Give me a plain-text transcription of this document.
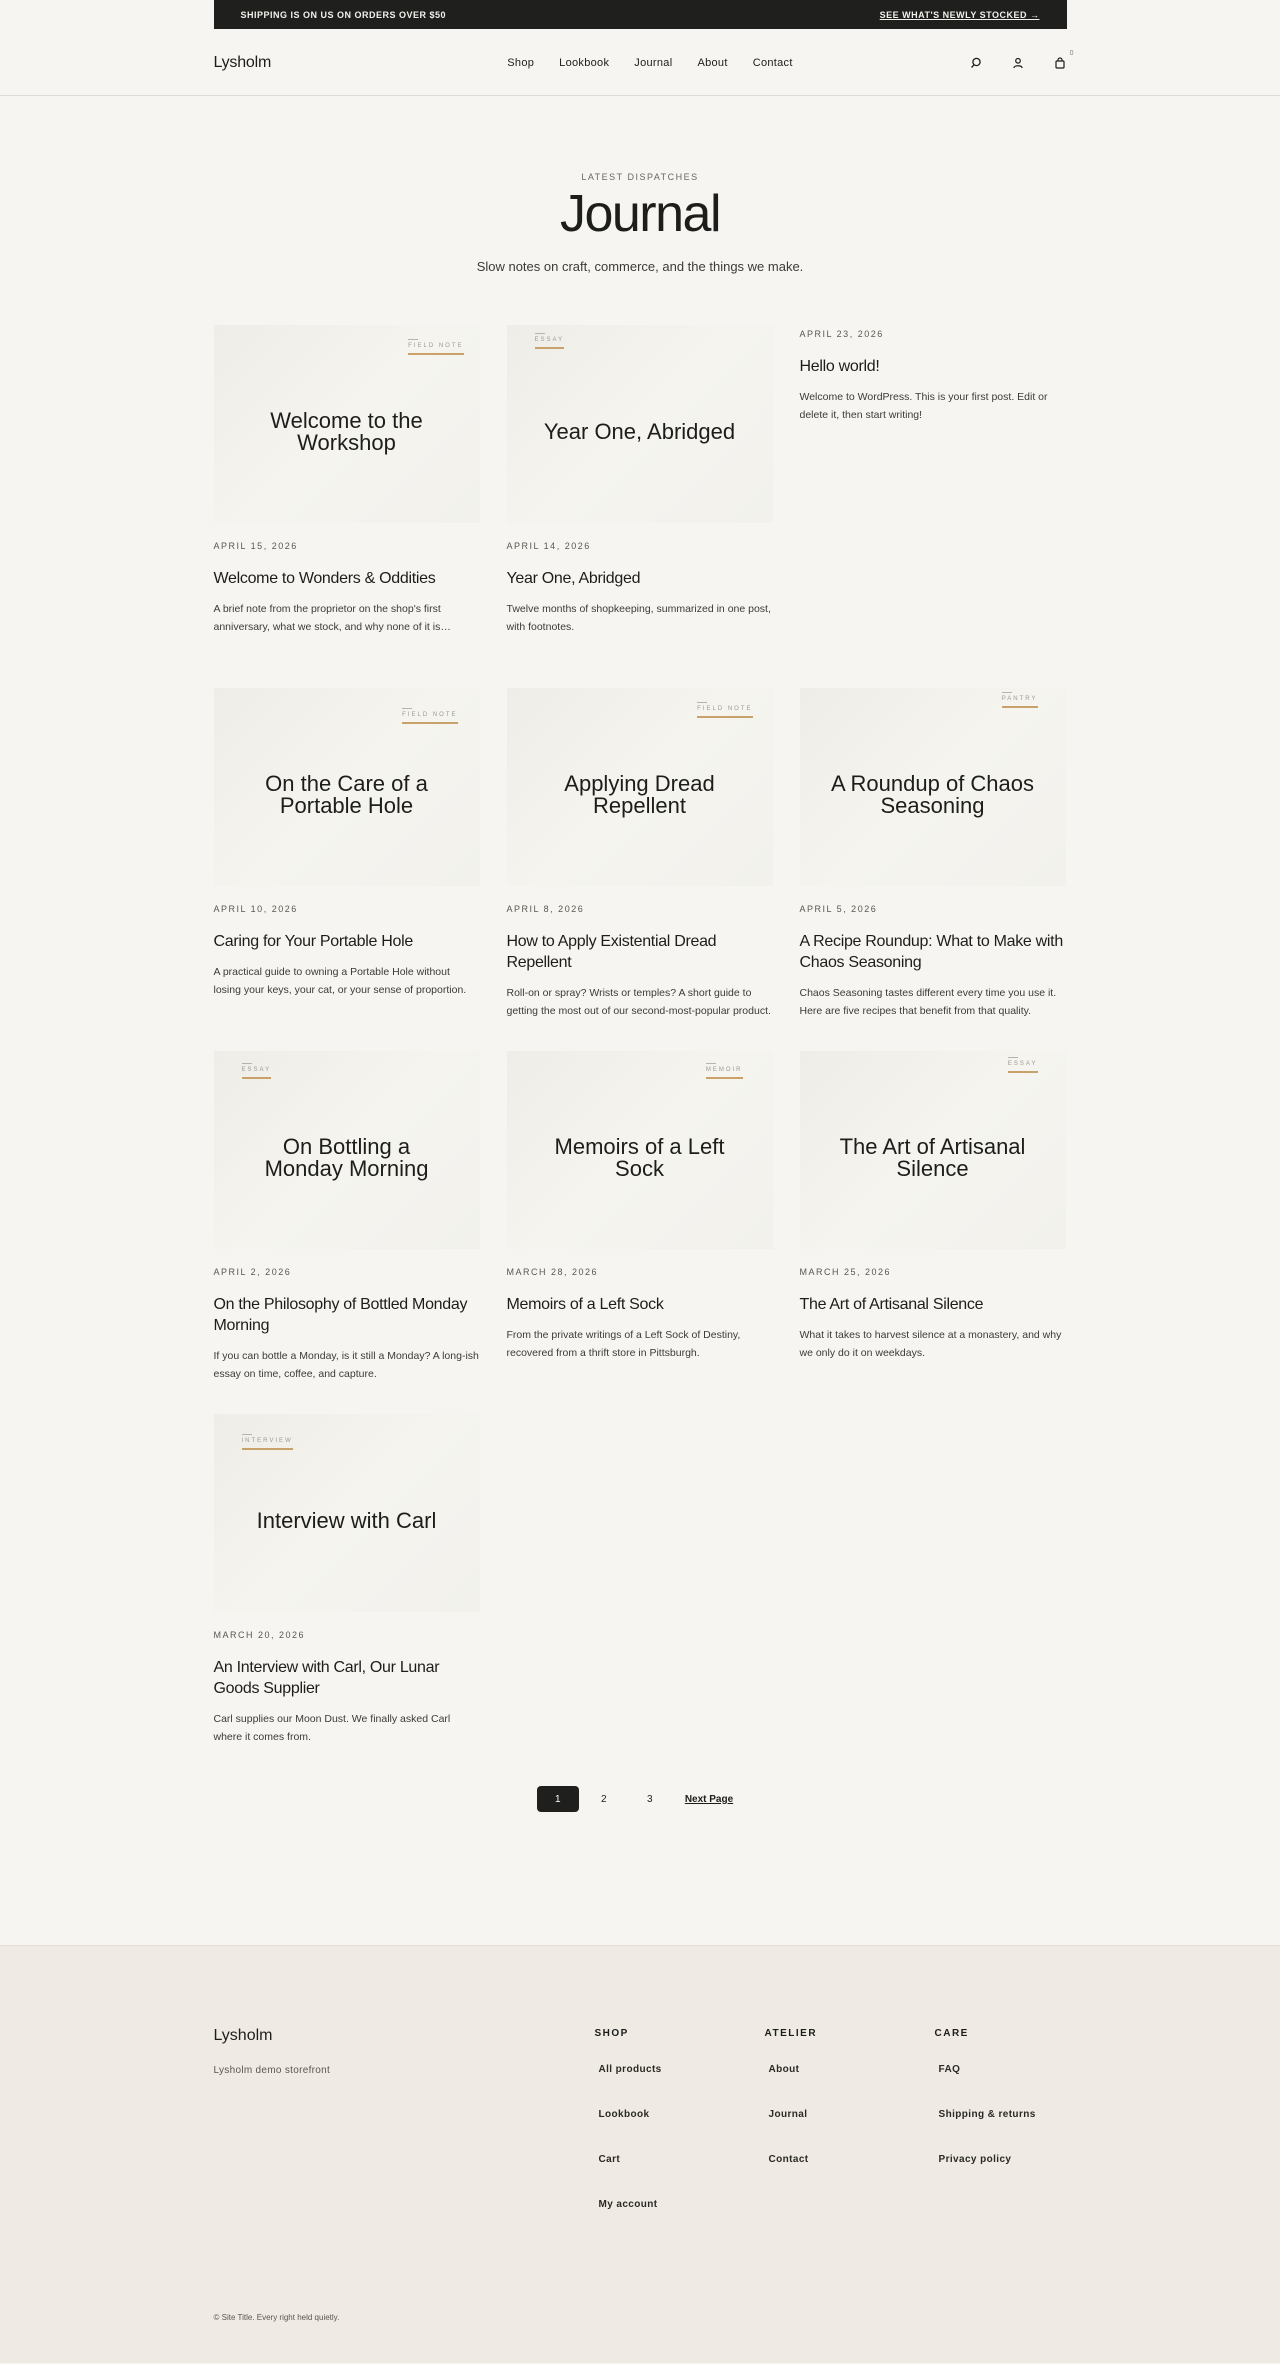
SHIPPING IS ON US ON ORDERS OVER $50	SEE WHAT'S NEWLY STOCKED →
Lysholm	Shop Lookbook Journal About Contact
0
LATEST DISPATCHES
Journal

Slow notes on craft, commerce, and the things we make.

FIELD NOTE
Welcome to the Workshop
APRIL 15, 2026
Welcome to Wonders & Oddities

A brief note from the proprietor on the shop's first anniversary, what we stock, and why none of it is…

ESSAY
Year One, Abridged
APRIL 14, 2026
Year One, Abridged

Twelve months of shopkeeping, summarized in one post, with footnotes.

APRIL 23, 2026
Hello world!

Welcome to WordPress. This is your first post. Edit or delete it, then start writing!

FIELD NOTE
On the Care of a Portable Hole
APRIL 10, 2026
Caring for Your Portable Hole

A practical guide to owning a Portable Hole without losing your keys, your cat, or your sense of proportion.

FIELD NOTE
Applying Dread Repellent
APRIL 8, 2026
How to Apply Existential Dread Repellent

Roll-on or spray? Wrists or temples? A short guide to getting the most out of our second-most-popular product.

PANTRY
A Roundup of Chaos Seasoning
APRIL 5, 2026
A Recipe Roundup: What to Make with Chaos Seasoning

Chaos Seasoning tastes different every time you use it. Here are five recipes that benefit from that quality.

ESSAY
On Bottling a Monday Morning
APRIL 2, 2026
On the Philosophy of Bottled Monday Morning

If you can bottle a Monday, is it still a Monday? A long-ish essay on time, coffee, and capture.

MEMOIR
Memoirs of a Left Sock
MARCH 28, 2026
Memoirs of a Left Sock

From the private writings of a Left Sock of Destiny, recovered from a thrift store in Pittsburgh.

ESSAY
The Art of Artisanal Silence
MARCH 25, 2026
The Art of Artisanal Silence

What it takes to harvest silence at a monastery, and why we only do it on weekdays.

INTERVIEW
Interview with Carl
MARCH 20, 2026
An Interview with Carl, Our Lunar Goods Supplier

Carl supplies our Moon Dust. We finally asked Carl where it comes from.

1	2	3	Next Page
Lysholm
Lysholm demo storefront
SHOP
All products
Lookbook
Cart
My account
ATELIER
About
Journal
Contact
CARE
FAQ
Shipping & returns
Privacy policy
© Site Title. Every right held quietly.
